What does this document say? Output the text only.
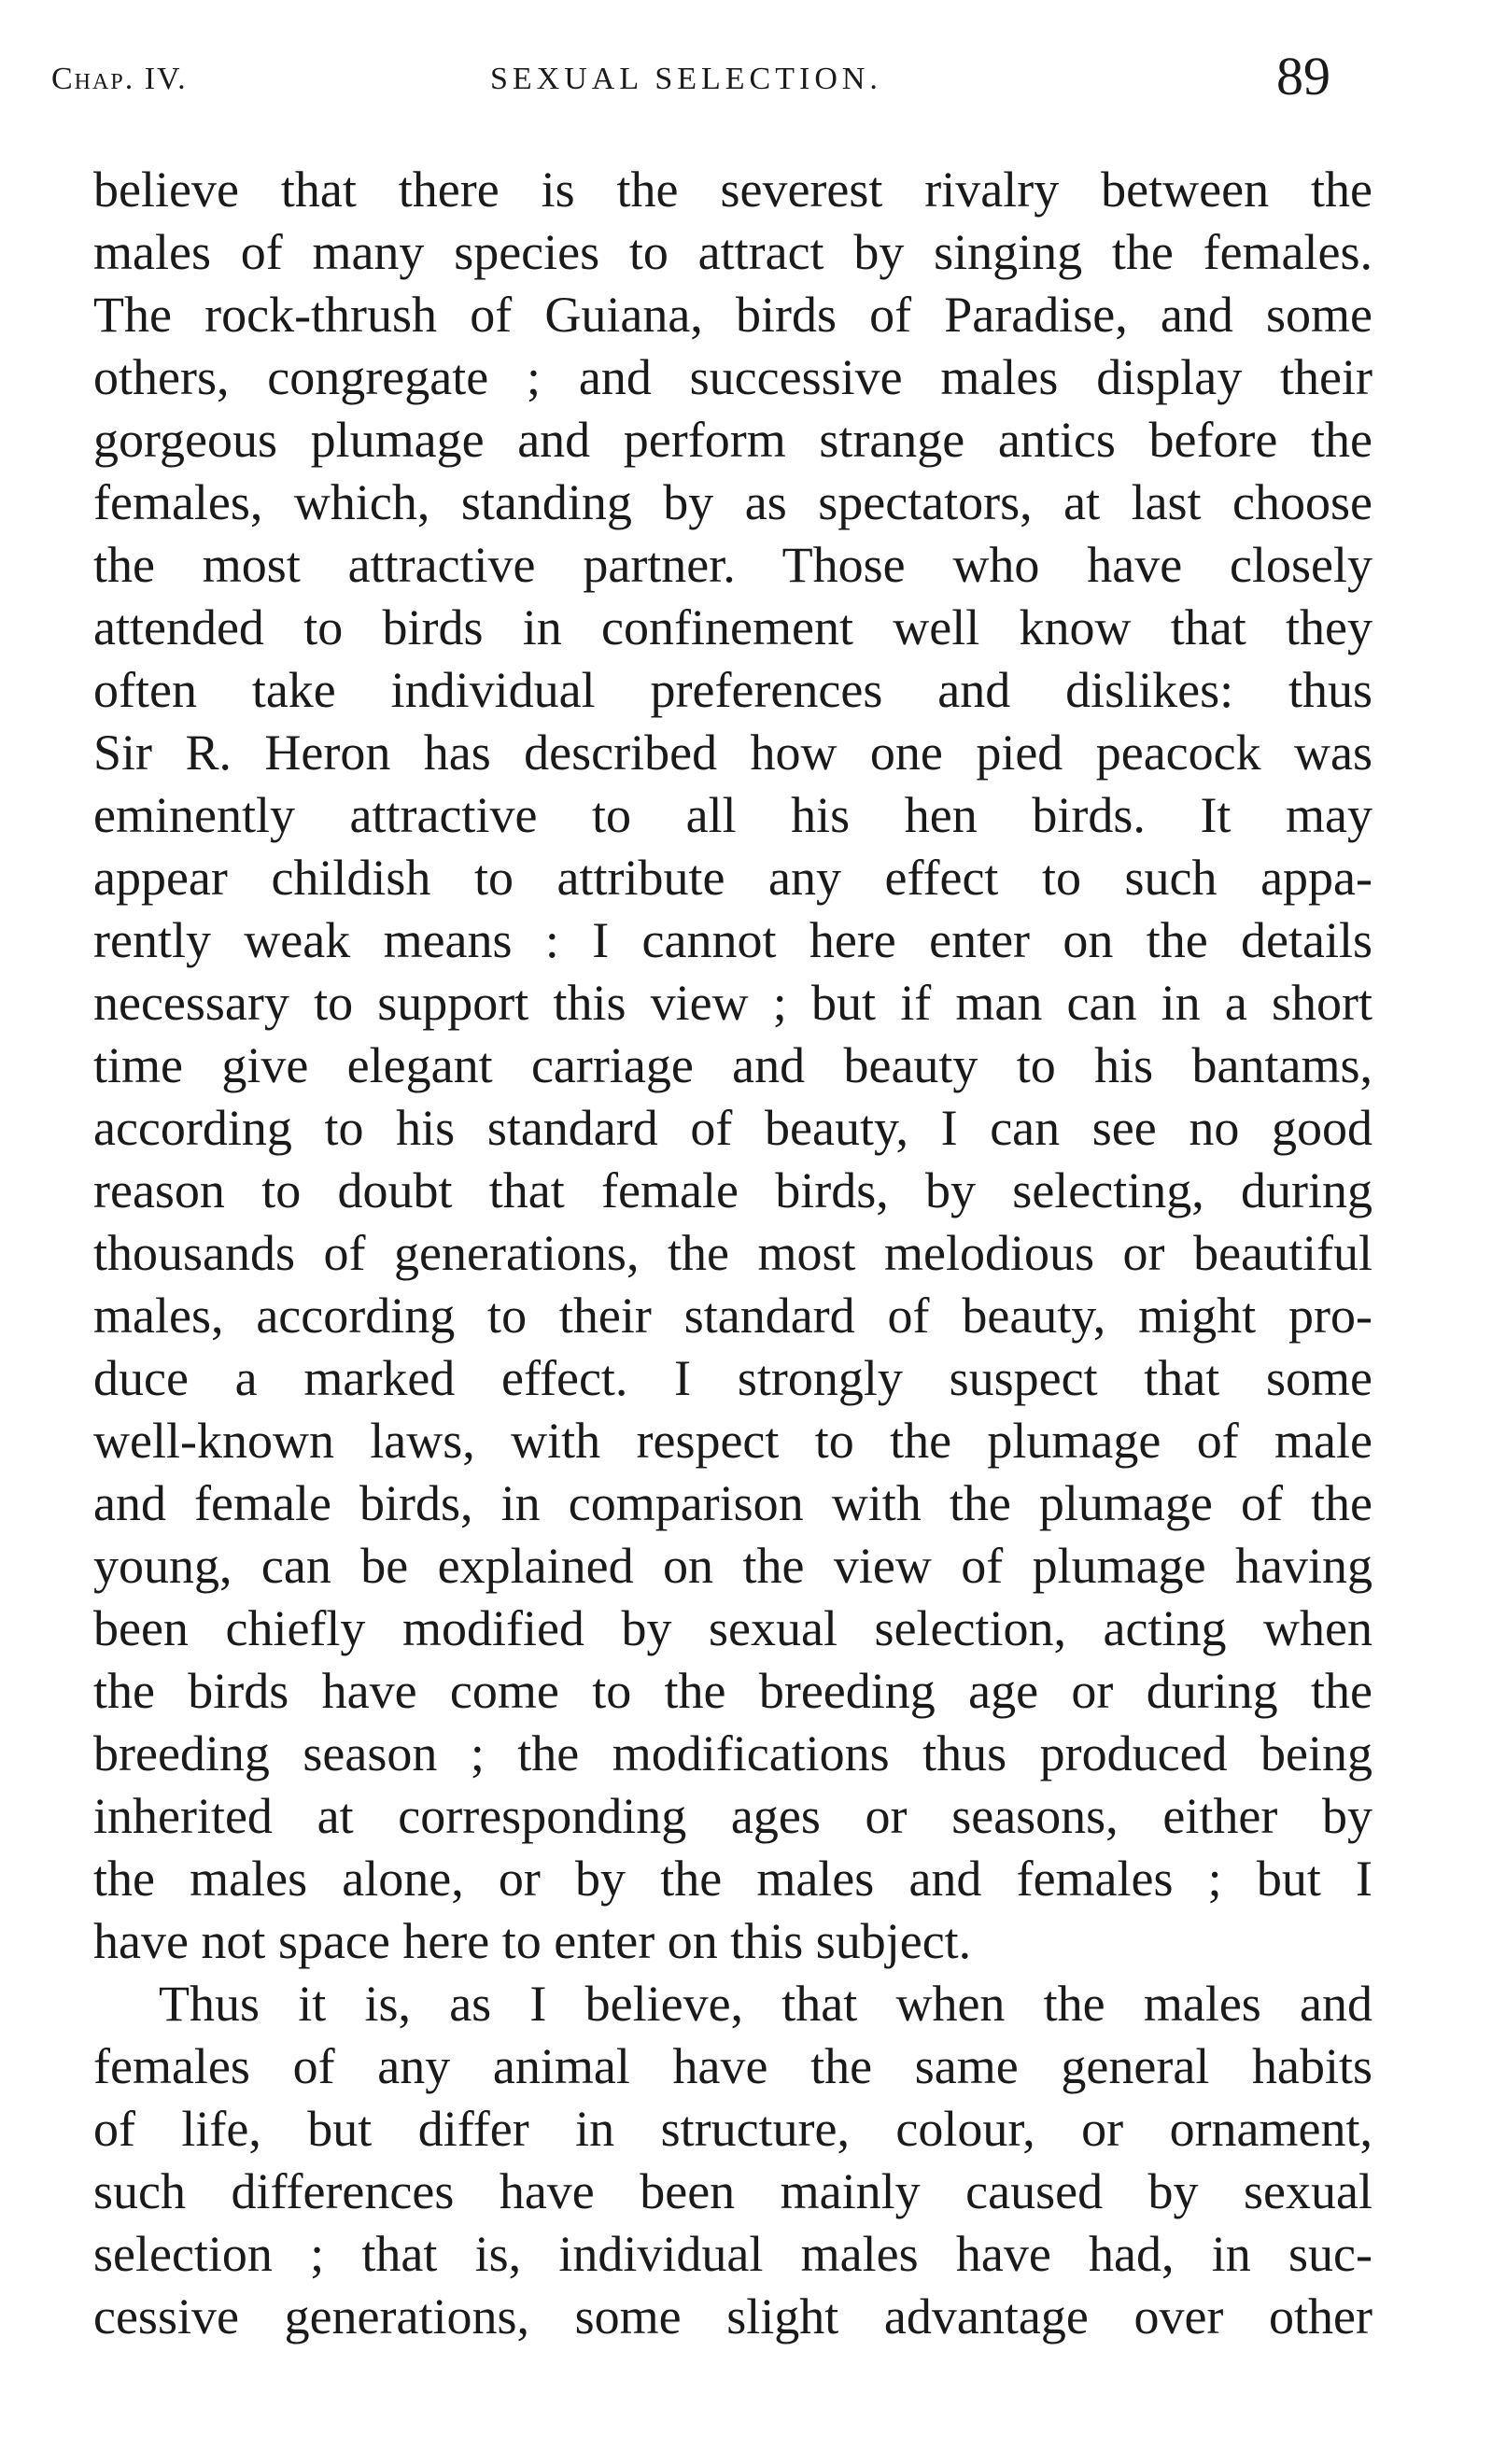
Chap. IV.	SEXUAL SELECTION.	89
believe that there is the severest rivalry between the
males of many species to attract by singing the females.
The rock-thrush of Guiana, birds of Paradise, and some
others, congregate ; and successive males display their
gorgeous plumage and perform strange antics before the
females, which, standing by as spectators, at last choose
the most attractive partner. Those who have closely
attended to birds in confinement well know that they
often take individual preferences and dislikes: thus
Sir R. Heron has described how one pied peacock was
eminently attractive to all his hen birds. It may
appear childish to attribute any effect to such appa-
rently weak means : I cannot here enter on the details
necessary to support this view ; but if man can in a short
time give elegant carriage and beauty to his bantams,
according to his standard of beauty, I can see no good
reason to doubt that female birds, by selecting, during
thousands of generations, the most melodious or beautiful
males, according to their standard of beauty, might pro-
duce a marked effect. I strongly suspect that some
well-known laws, with respect to the plumage of male
and female birds, in comparison with the plumage of the
young, can be explained on the view of plumage having
been chiefly modified by sexual selection, acting when
the birds have come to the breeding age or during the
breeding season ; the modifications thus produced being
inherited at corresponding ages or seasons, either by
the males alone, or by the males and females ; but I
have not space here to enter on this subject.
Thus it is, as I believe, that when the males and
females of any animal have the same general habits
of life, but differ in structure, colour, or ornament,
such differences have been mainly caused by sexual
selection ; that is, individual males have had, in suc-
cessive generations, some slight advantage over other
